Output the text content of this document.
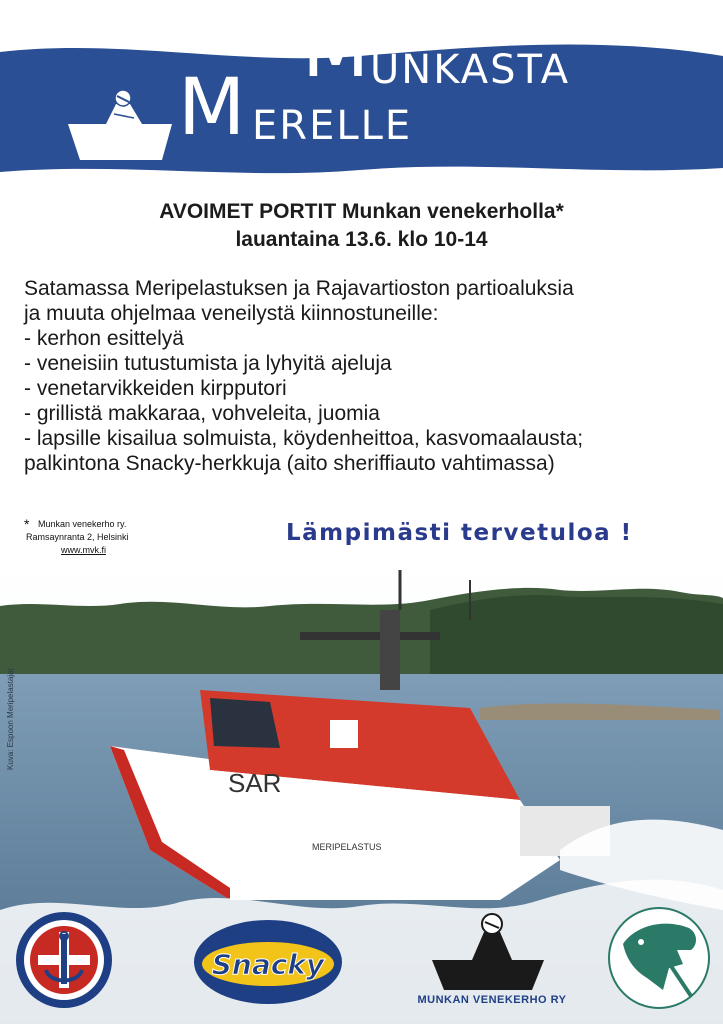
M
UNKASTA
M ERELLE
AVOIMET PORTIT Munkan venekerholla*
lauantaina 13.6. klo 10-14
Satamassa Meripelastuksen ja Rajavartioston partioaluksia
ja muuta ohjelmaa veneilystä kiinnostuneille:
- kerhon esittelyä
- veneisiin tutustumista ja lyhyitä ajeluja
- venetarvikkeiden kirpputori
- grillistä makkaraa, vohveleita, juomia
- lapsille kisailua solmuista, köydenheittoa, kasvomaalausta;
palkintona Snacky-herkkuja (aito sheriffiauto vahtimassa)
* Munkan venekerho ry.
Ramsaynranta 2, Helsinki
www.mvk.fi
Lämpimästi tervetuloa !
SAR
MERIPELASTUS
Kuva: Espoon Meripelastajat
Snacky
MUNKAN VENEKERHO RY
